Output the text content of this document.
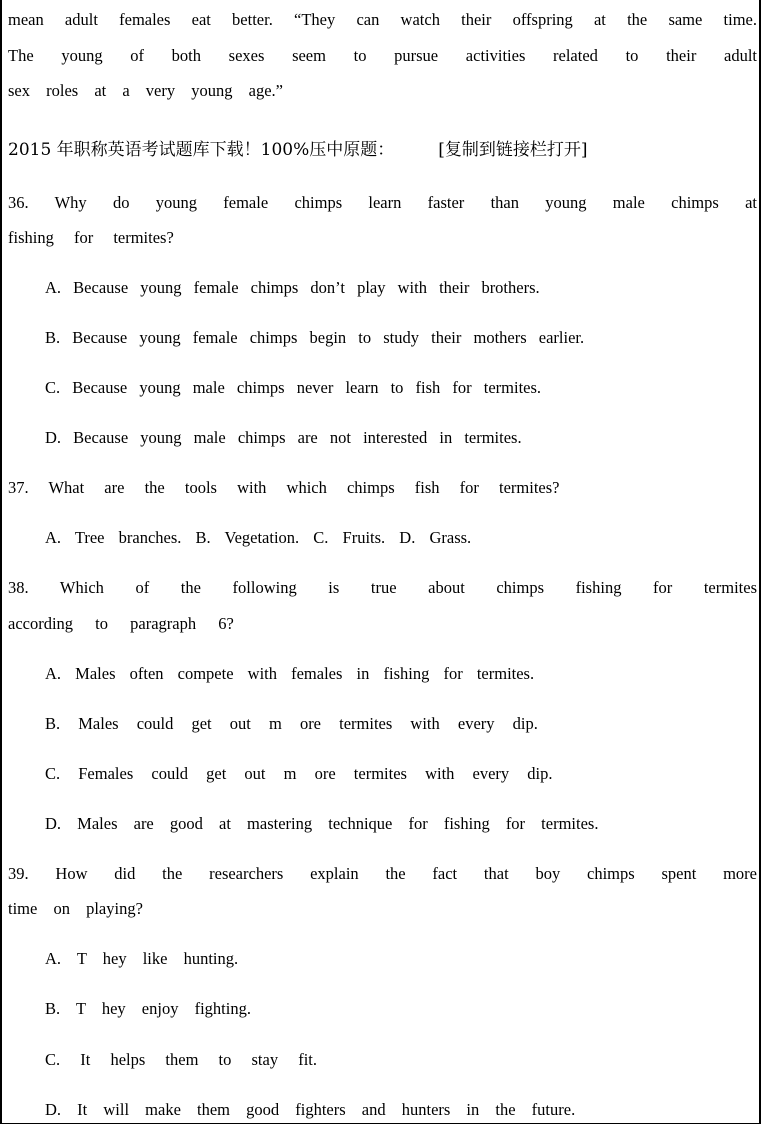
mean adult females eat better. “They can watch their offspring at the same time.
The young of both sexes seem to pursue activities related to their adult
sex roles at a very young age.”
2015 年职称英语考试题库下载！100%压中原题：	[复制到链接栏打开]
36. Why do young female chimps learn faster than young male chimps at
fishing for termites?
A. Because young female chimps don’t play with their brothers.
B. Because young female chimps begin to study their mothers earlier.
C. Because young male chimps never learn to fish for termites.
D. Because young male chimps are not interested in termites.
37. What are the tools with which chimps fish for termites?
A. Tree branches. B. Vegetation. C. Fruits. D. Grass.
38. Which of the following is true about chimps fishing for termites
according to paragraph 6?
A. Males often compete with females in fishing for termites.
B. Males could get out m ore termites with every dip.
C. Females could get out m ore termites with every dip.
D. Males are good at mastering technique for fishing for termites.
39. How did the researchers explain the fact that boy chimps spent more
time on playing?
A. T hey like hunting.
B. T hey enjoy fighting.
C. It helps them to stay fit.
D. It will make them good fighters and hunters in the future.
